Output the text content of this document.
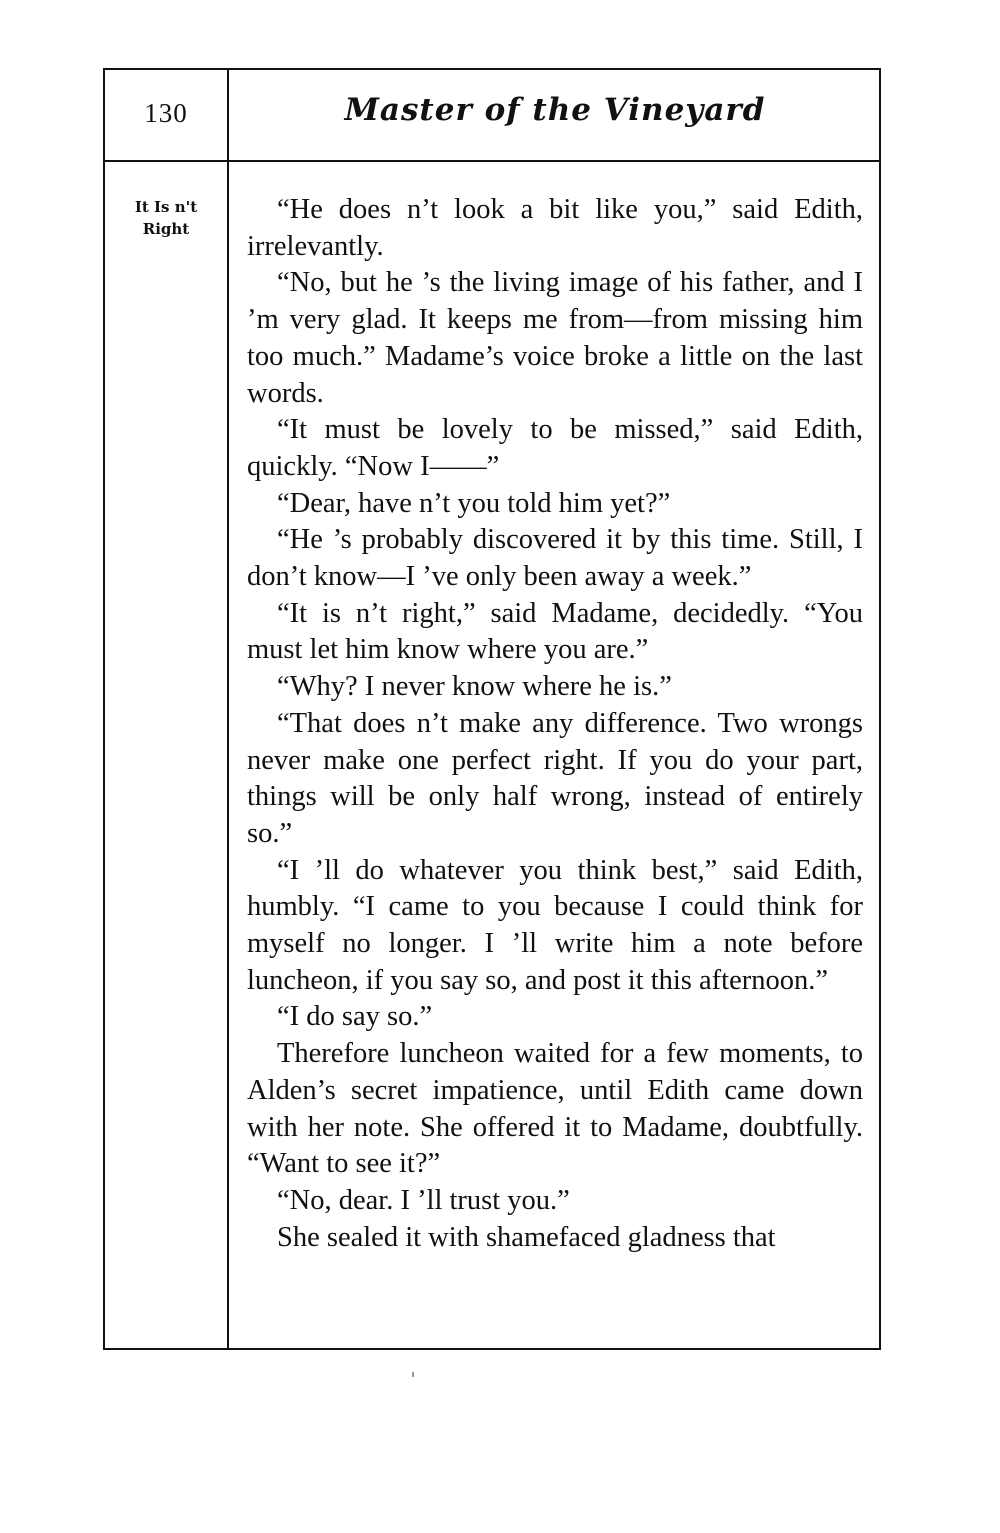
130	Master of the Vineyard
It Is n't
Right

“He does n’t look a bit like you,” said Edith, irrelevantly.

“No, but he ’s the living image of his father, and I ’m very glad. It keeps me from—from missing him too much.” Madame’s voice broke a little on the last words.

“It must be lovely to be missed,” said Edith, quickly. “Now I——”

“Dear, have n’t you told him yet?”

“He ’s probably discovered it by this time. Still, I don’t know—I ’ve only been away a week.”

“It is n’t right,” said Madame, decidedly. “You must let him know where you are.”

“Why? I never know where he is.”

“That does n’t make any difference. Two wrongs never make one perfect right. If you do your part, things will be only half wrong, instead of entirely so.”

“I ’ll do whatever you think best,” said Edith, humbly. “I came to you because I could think for myself no longer. I ’ll write him a note before luncheon, if you say so, and post it this afternoon.”

“I do say so.”

Therefore luncheon waited for a few moments, to Alden’s secret impatience, until Edith came down with her note. She offered it to Madame, doubtfully. “Want to see it?”

“No, dear. I ’ll trust you.”

She sealed it with shamefaced gladness that
